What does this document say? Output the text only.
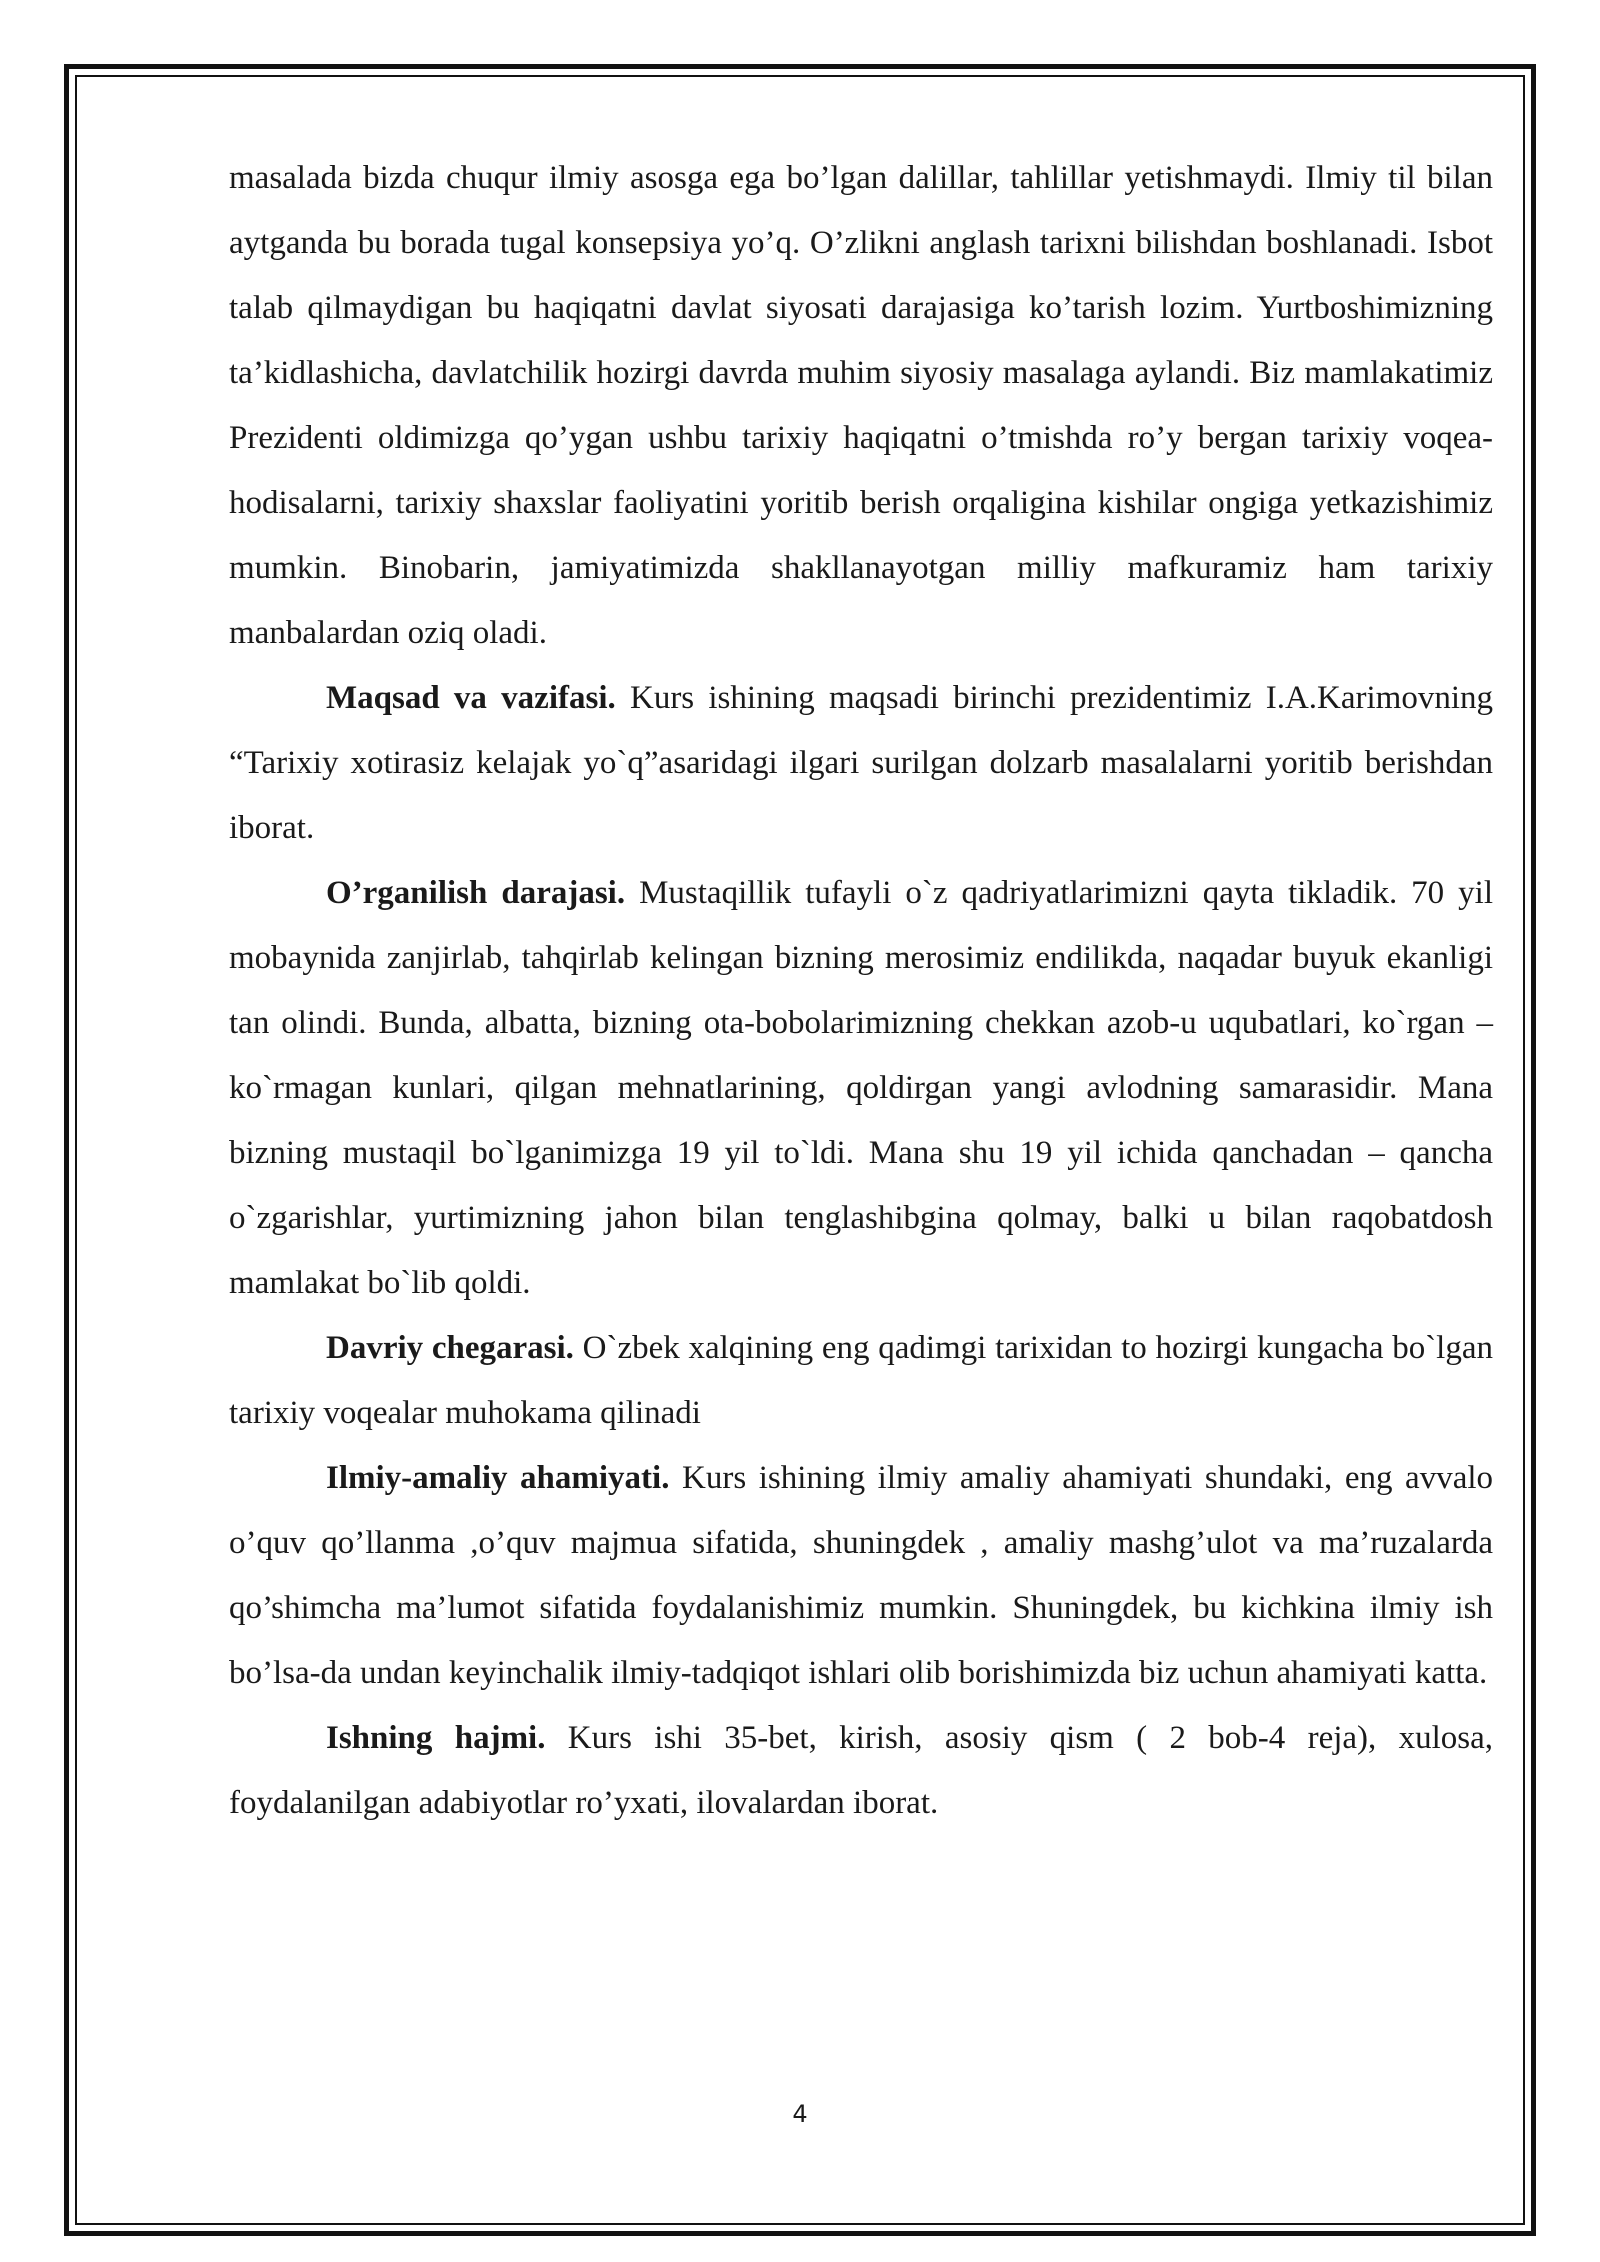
masalada bizda chuqur ilmiy asosga ega bo’lgan dalillar, tahlillar yetishmaydi. Ilmiy til bilan aytganda bu borada tugal konsepsiya yo’q. O’zlikni anglash tarixni bilishdan boshlanadi. Isbot talab qilmaydigan bu haqiqatni davlat siyosati darajasiga ko’tarish lozim. Yurtboshimizning ta’kidlashicha, davlatchilik hozirgi davrda muhim siyosiy masalaga aylandi. Biz mamlakatimiz Prezidenti oldimizga qo’ygan ushbu tarixiy haqiqatni o’tmishda ro’y bergan tarixiy voqea-hodisalarni, tarixiy shaxslar faoliyatini yoritib berish orqaligina kishilar ongiga yetkazishimiz mumkin. Binobarin, jamiyatimizda shakllanayotgan milliy mafkuramiz ham tarixiy manbalardan oziq oladi.

Maqsad va vazifasi. Kurs ishining maqsadi birinchi prezidentimiz I.A.Karimovning “Tarixiy xotirasiz kelajak yo`q”asaridagi ilgari surilgan dolzarb masalalarni yoritib berishdan iborat.

O’rganilish darajasi. Mustaqillik tufayli o`z qadriyatlarimizni qayta tikladik. 70 yil mobaynida zanjirlab, tahqirlab kelingan bizning merosimiz endilikda, naqadar buyuk ekanligi tan olindi. Bunda, albatta, bizning ota-bobolarimizning chekkan azob-u uqubatlari, ko`rgan – ko`rmagan kunlari, qilgan mehnatlarining, qoldirgan yangi avlodning samarasidir. Mana bizning mustaqil bo`lganimizga 19 yil to`ldi. Mana shu 19 yil ichida qanchadan – qancha o`zgarishlar, yurtimizning jahon bilan tenglashibgina qolmay, balki u bilan raqobatdosh mamlakat bo`lib qoldi.

Davriy chegarasi. O`zbek xalqining eng qadimgi tarixidan to hozirgi kungacha bo`lgan tarixiy voqealar muhokama qilinadi

Ilmiy-amaliy ahamiyati. Kurs ishining ilmiy amaliy ahamiyati shundaki, eng avvalo o’quv qo’llanma ,o’quv majmua sifatida, shuningdek , amaliy mashg’ulot va ma’ruzalarda qo’shimcha ma’lumot sifatida foydalanishimiz mumkin. Shuningdek, bu kichkina ilmiy ish bo’lsa-da undan keyinchalik ilmiy-tadqiqot ishlari olib borishimizda biz uchun ahamiyati katta.

Ishning hajmi. Kurs ishi 35-bet, kirish, asosiy qism ( 2 bob-4 reja), xulosa, foydalanilgan adabiyotlar ro’yxati, ilovalardan iborat.

4
